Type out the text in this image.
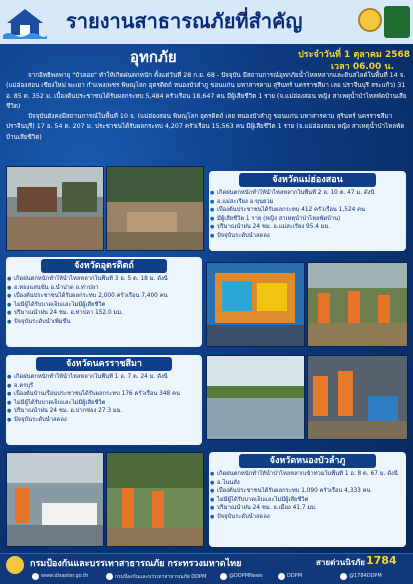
รายงานสาธารณภัยที่สำคัญ
อุทกภัย	ประจำวันที่ 1 ตุลาคม 2568
เวลา 06.00 น.

จากอิทธิพลพายุ "บัวลอย" ทำให้เกิดฝนตกหนัก ตั้งแต่วันที่ 28 ก.ย. 68 - ปัจจุบัน มีสถานการณ์อุทกภัยน้ำไหลหลากและดินสไลด์ในพื้นที่ 14 จ. (แม่ฮ่องสอน เชียงใหม่ พะเยา กำแพงเพชร พิษณุโลก อุตรดิตถ์ หนองบัวลำภู ขอนแก่น มหาสารคาม สุรินทร์ นครราชสีมา เลย ปราจีนบุรี สระแก้ว) 31 อ. 85 ต. 352 ม. เบื้องต้นประชาชนได้รับผลกระทบ 5,484 ครัวเรือน 18,647 คน มีผู้เสียชีวิต 1 ราย (จ.แม่ฮ่องสอน หญิง สาเหตุน้ำป่าไหลพัดบ้านเสียชีวิต)

ปัจจุบันยังคงมีสถานการณ์ในพื้นที่ 10 จ. (แม่ฮ่องสอน พิษณุโลก อุตรดิตถ์ เลย หนองบัวลำภู ขอนแก่น มหาสารคาม สุรินทร์ นครราชสีมา ปราจีนบุรี) 17 อ. 54 ต. 207 ม. ประชาชนได้รับผลกระทบ 4,207 ครัวเรือน 15,563 คน มีผู้เสียชีวิต 1 ราย (จ.แม่ฮ่องสอน หญิง สาเหตุน้ำป่าไหลพัดบ้านเสียชีวิต)

จังหวัดแม่ฮ่องสอน
● เกิดฝนตกหนักทำให้น้ำไหลหลากในพื้นที่ 2 อ. 10 ต. 47 ม. ดังนี้
● อ.แม่สะเรียง อ.ขุนยวม
● เบื้องต้นประชาชนได้รับผลกระทบ 412 ครัวเรือน 1,524 คน
● มีผู้เสียชีวิต 1 ราย (หญิง สาเหตุน้ำป่าไหลพัดบ้าน)
● ปริมาณน้ำฝน 24 ชม. อ.แม่สะเรียง 95.4 มม.
● ปัจจุบันระดับน้ำลดลง
จังหวัดอุตรดิตถ์
● เกิดฝนตกหนักทำให้น้ำไหลหลากในพื้นที่ 3 อ. 5 ต. 18 ม. ดังนี้
● อ.ทองแสนขัน อ.น้ำปาด อ.ท่าปลา
● เบื้องต้นประชาชนได้รับผลกระทบ 2,000 ครัวเรือน 7,400 คน
● ไม่มีผู้ได้รับบาดเจ็บและไม่มีผู้เสียชีวิต
● ปริมาณน้ำฝน 24 ชม. อ.ท่าปลา 152.0 มม.
● ปัจจุบันระดับน้ำเพิ่มขึ้น
จังหวัดนครราชสีมา
● เกิดฝนตกหนักทำให้น้ำไหลหลากในพื้นที่ 1 อ. 7 ต. 24 ม. ดังนี้
● อ.ครบุรี
● เบื้องต้นบ้านเรือนประชาชนได้รับผลกระทบ 176 ครัวเรือน 348 คน
● ไม่มีผู้ได้รับบาดเจ็บและไม่มีผู้เสียชีวิต
● ปริมาณน้ำฝน 24 ชม. อ.ปากช่อง 27.3 มม.
● ปัจจุบันระดับน้ำลดลง
จังหวัดหนองบัวลำภู
● เกิดฝนตกหนักทำให้น้ำป่าไหลหลากเข้าท่วมในพื้นที่ 1 อ. 8 ต. 67 ม. ดังนี้
● อ.โนนสัง
● เบื้องต้นประชาชนได้รับผลกระทบ 1,090 ครัวเรือน 4,333 คน
● ไม่มีผู้ได้รับบาดเจ็บและไม่มีผู้เสียชีวิต
● ปริมาณน้ำฝน 24 ชม. อ.เมือง 41.7 มม.
● ปัจจุบันระดับน้ำลดลง
กรมป้องกันและบรรเทาสาธารณภัย กระทรวงมหาดไทย	สายด่วนนิรภัย 1784
www.disaster.go.th	กรมป้องกันและบรรเทาสาธารณภัย DDPM	@DDPMNews	DDPM	@1784DDPM
